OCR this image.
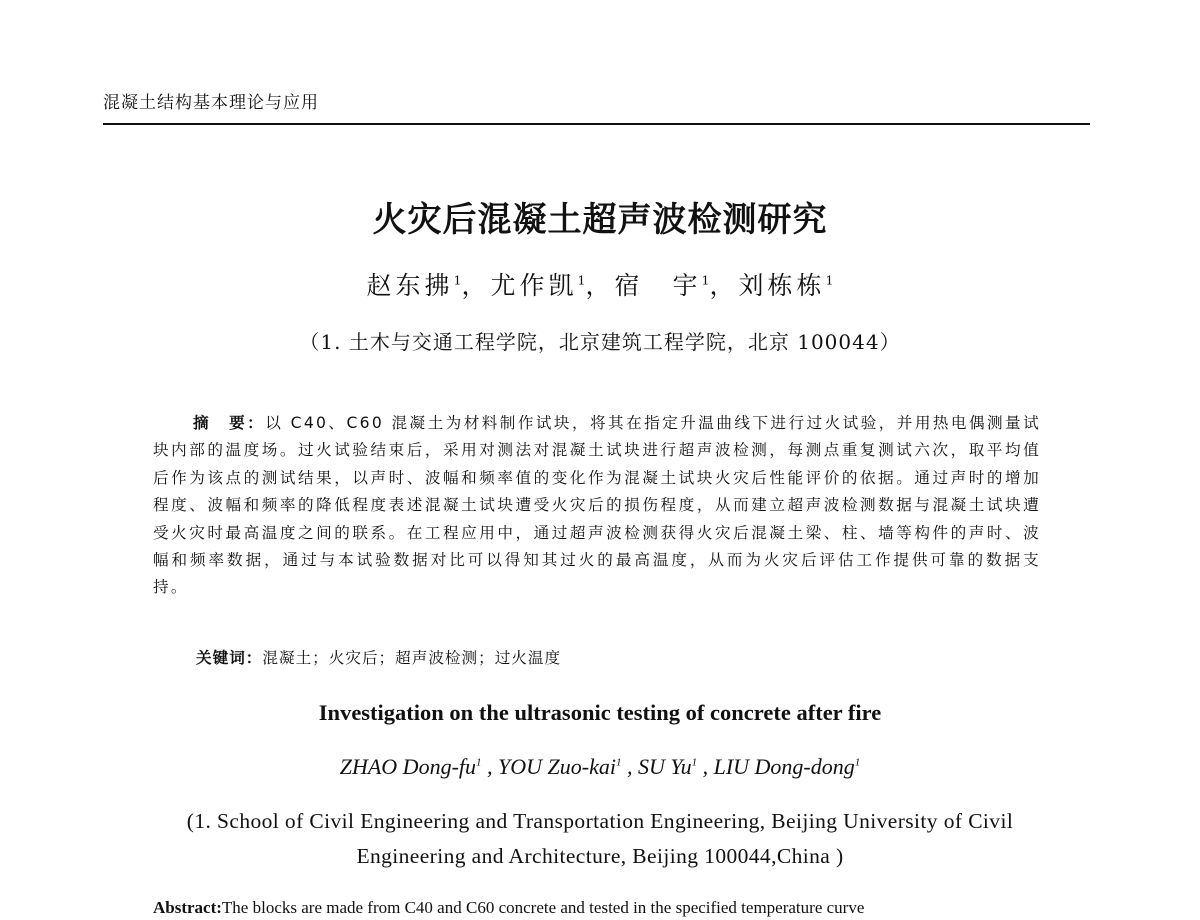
混凝土结构基本理论与应用
火灾后混凝土超声波检测研究
赵东拂$^1$，尤作凯$^1$，宿　宇$^1$，刘栋栋$^1$
（1. 土木与交通工程学院，北京建筑工程学院，北京 100044）
摘　要：以 C40、C60 混凝土为材料制作试块，将其在指定升温曲线下进行过火试验，并用热电偶测量试块内部的温度场。过火试验结束后，采用对测法对混凝土试块进行超声波检测，每测点重复测试六次，取平均值后作为该点的测试结果，以声时、波幅和频率值的变化作为混凝土试块火灾后性能评价的依据。通过声时的增加程度、波幅和频率的降低程度表述混凝土试块遭受火灾后的损伤程度，从而建立超声波检测数据与混凝土试块遭受火灾时最高温度之间的联系。在工程应用中，通过超声波检测获得火灾后混凝土梁、柱、墙等构件的声时、波幅和频率数据，通过与本试验数据对比可以得知其过火的最高温度，从而为火灾后评估工作提供可靠的数据支持。
关键词：混凝土；火灾后；超声波检测；过火温度
Investigation on the ultrasonic testing of concrete after fire
ZHAO Dong-$fu^1$ , YOU Zuo-kai$^1$ , SU Yu$^1$ , LIU Dong-dong$^1$
(1. School of Civil Engineering and Transportation Engineering, Beijing University of Civil
Engineering and Architecture, Beijing 100044,China )
Abstract:The blocks are made from C40 and C60 concrete and tested in the specified temperature curve
